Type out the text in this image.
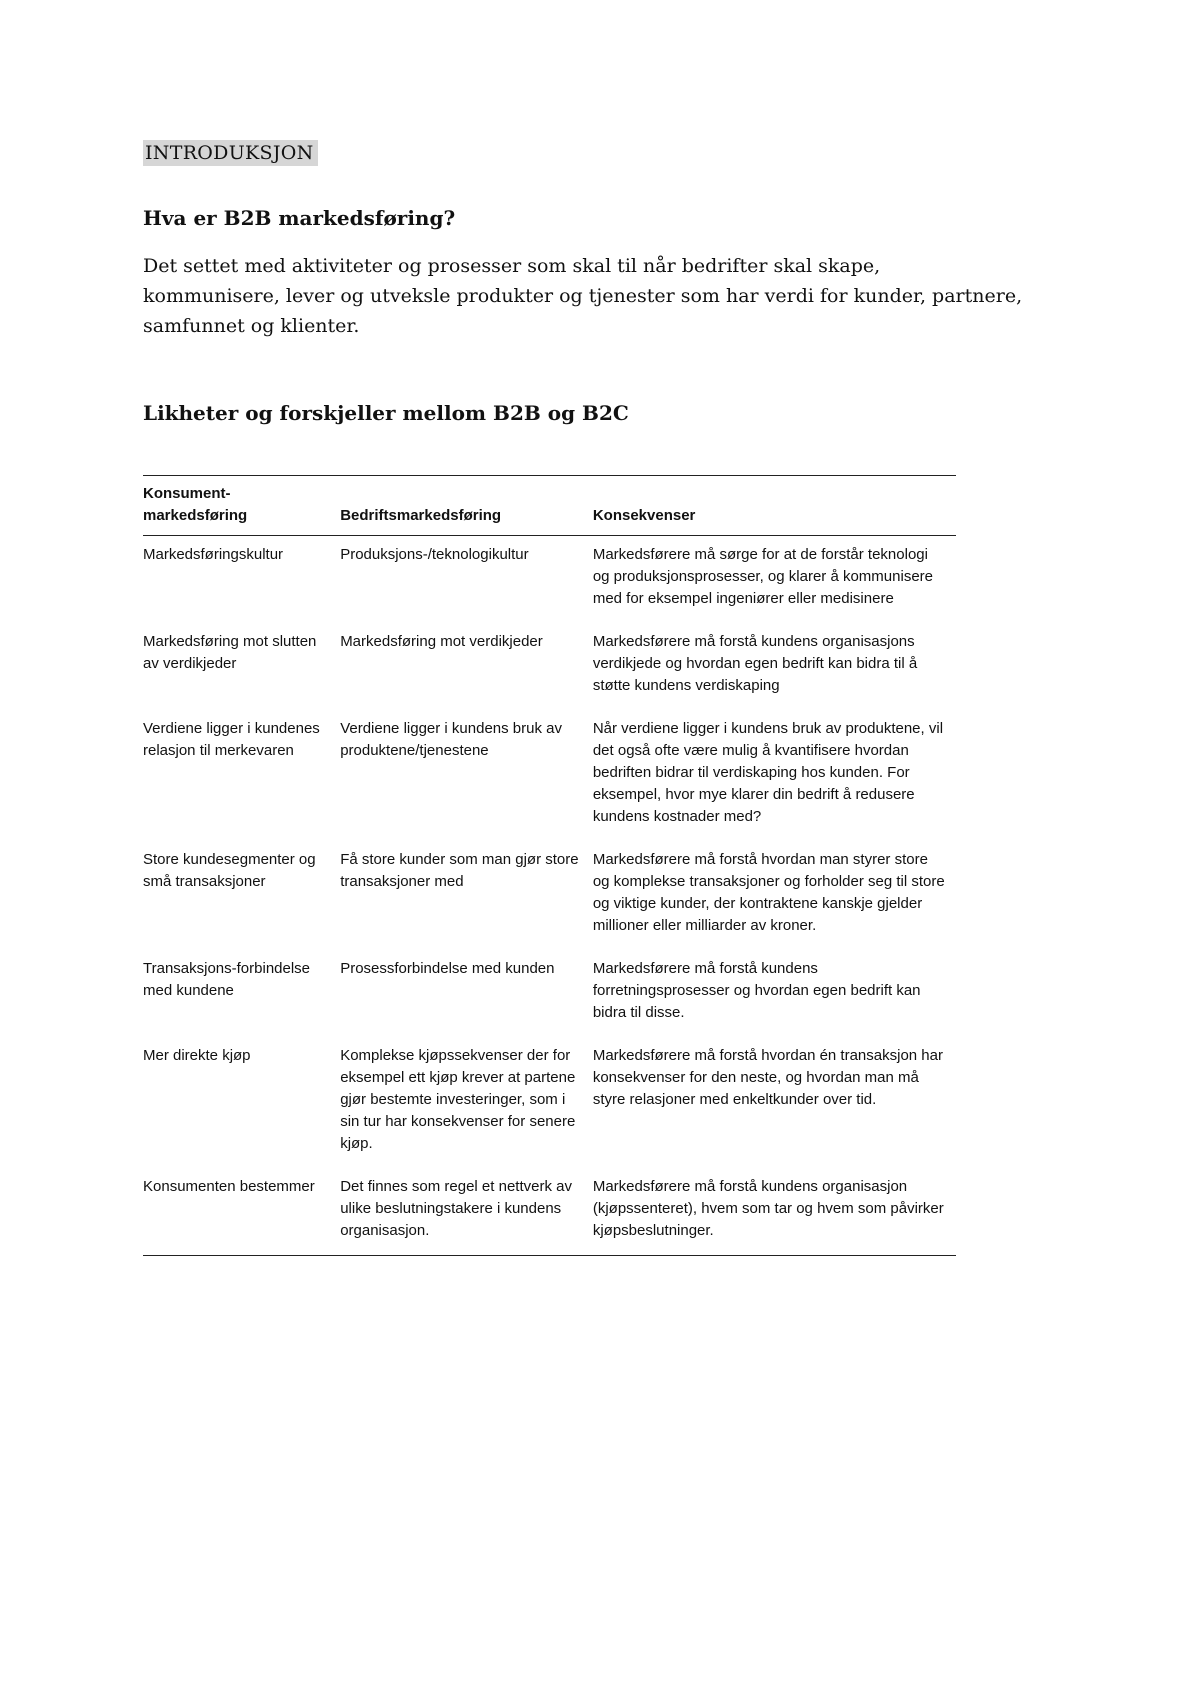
INTRODUKSJON
Hva er B2B markedsføring?

Det settet med aktiviteter og prosesser som skal til når bedrifter skal skape, kommunisere, lever og utveksle produkter og tjenester som har verdi for kunder, partnere, samfunnet og klienter.

Likheter og forskjeller mellom B2B og B2C
Konsument-
markedsføring	Bedriftsmarkedsføring	Konsekvenser
Markedsføringskultur	Produksjons-/teknologikultur	Markedsførere må sørge for at de forstår teknologi og produksjonsprosesser, og klarer å kommunisere med for eksempel ingeniører eller medisinere
Markedsføring mot slutten av verdikjeder	Markedsføring mot verdikjeder	Markedsførere må forstå kundens organisasjons verdikjede og hvordan egen bedrift kan bidra til å støtte kundens verdiskaping
Verdiene ligger i kundenes relasjon til merkevaren	Verdiene ligger i kundens bruk av produktene/tjenestene	Når verdiene ligger i kundens bruk av produktene, vil det også ofte være mulig å kvantifisere hvordan bedriften bidrar til verdiskaping hos kunden. For eksempel, hvor mye klarer din bedrift å redusere kundens kostnader med?
Store kundesegmenter og små transaksjoner	Få store kunder som man gjør store transaksjoner med	Markedsførere må forstå hvordan man styrer store og komplekse transaksjoner og forholder seg til store og viktige kunder, der kontraktene kanskje gjelder millioner eller milliarder av kroner.
Transaksjons-forbindelse med kundene	Prosessforbindelse med kunden	Markedsførere må forstå kundens forretningsprosesser og hvordan egen bedrift kan bidra til disse.
Mer direkte kjøp	Komplekse kjøpssekvenser der for eksempel ett kjøp krever at partene gjør bestemte investeringer, som i sin tur har konsekvenser for senere kjøp.	Markedsførere må forstå hvordan én transaksjon har konsekvenser for den neste, og hvordan man må styre relasjoner med enkeltkunder over tid.
Konsumenten bestemmer	Det finnes som regel et nettverk av ulike beslutningstakere i kundens organisasjon.	Markedsførere må forstå kundens organisasjon (kjøpssenteret), hvem som tar og hvem som påvirker kjøpsbeslutninger.
